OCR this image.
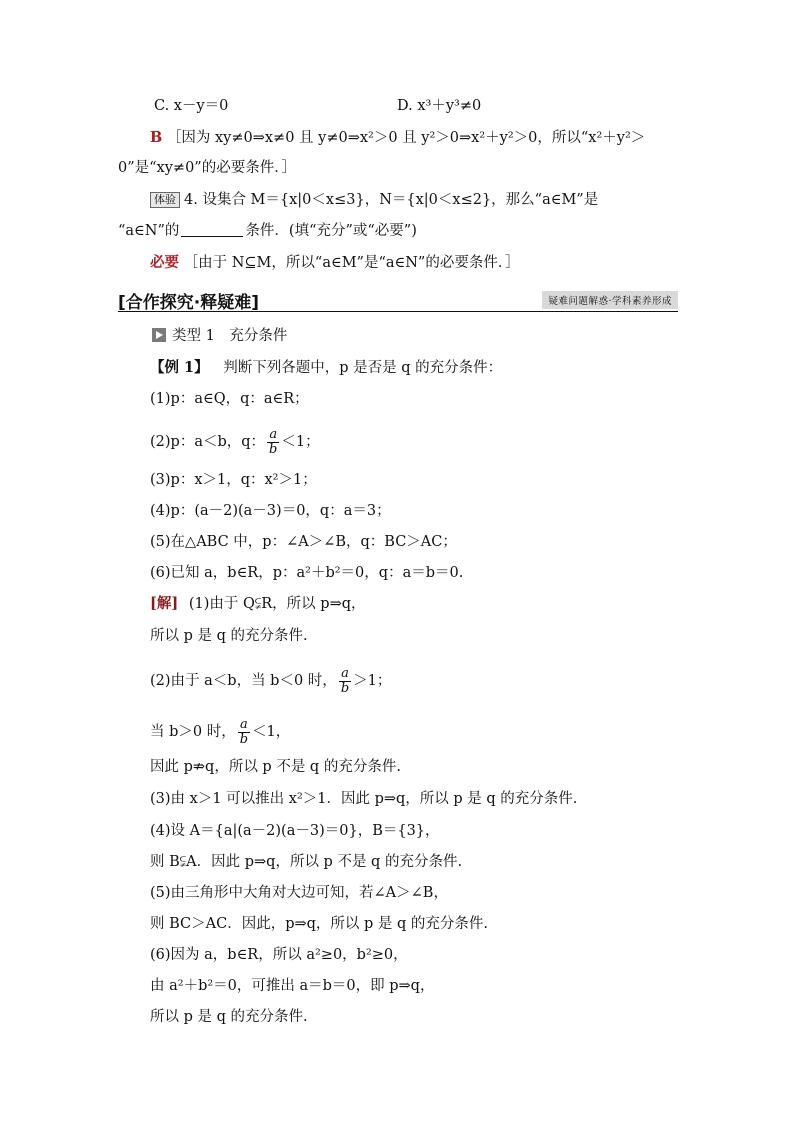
C. x－y＝0	D. x³＋y³≠0
B ［因为 xy≠0⇒x≠0 且 y≠0⇒x²＞0 且 y²＞0⇒x²＋y²＞0，所以“x²＋y²＞
0”是“xy≠0”的必要条件．］
体验 4. 设集合 M＝{x|0＜x≤3}，N＝{x|0＜x≤2}，那么“a∈M”是
“a∈N”的	条件．(填“充分”或“必要”)
必要 ［由于 N⊆M，所以“a∈M”是“a∈N”的必要条件．］
[合作探究·释疑难]	疑难问题解惑·学科素养形成
类型 1　充分条件
【例 1】 判断下列各题中，p 是否是 q 的充分条件：
(1)p：a∈Q，q：a∈R；
(2)p：a＜b，q： $\frac{a}{b} <1$；
(3)p：x＞1，q：x²＞1；
(4)p：(a－2)(a－3)＝0，q：a＝3；
(5)在△ABC 中，p：∠A＞∠B，q：BC＞AC；
(6)已知 a，b∈R，p：a²＋b²＝0，q：a＝b＝0.
[解] (1)由于 Q⫋R，所以 p⇒q，
所以 p 是 q 的充分条件.
(2)由于 a＜b，当 b＜0 时， $\frac{a}{b} >1$；
当 b＞0 时， $\frac{a}{b} <1$，
因此 p⇏q，所以 p 不是 q 的充分条件.
(3)由 x＞1 可以推出 x²＞1．因此 p⇒q，所以 p 是 q 的充分条件.
(4)设 A＝{a|(a－2)(a－3)＝0}，B＝{3}，
则 B⫋A．因此 p⇒q，所以 p 不是 q 的充分条件.
(5)由三角形中大角对大边可知，若∠A＞∠B，
则 BC＞AC．因此，p⇒q，所以 p 是 q 的充分条件.
(6)因为 a，b∈R，所以 a²≥0，b²≥0，
由 a²＋b²＝0，可推出 a＝b＝0，即 p⇒q，
所以 p 是 q 的充分条件.
